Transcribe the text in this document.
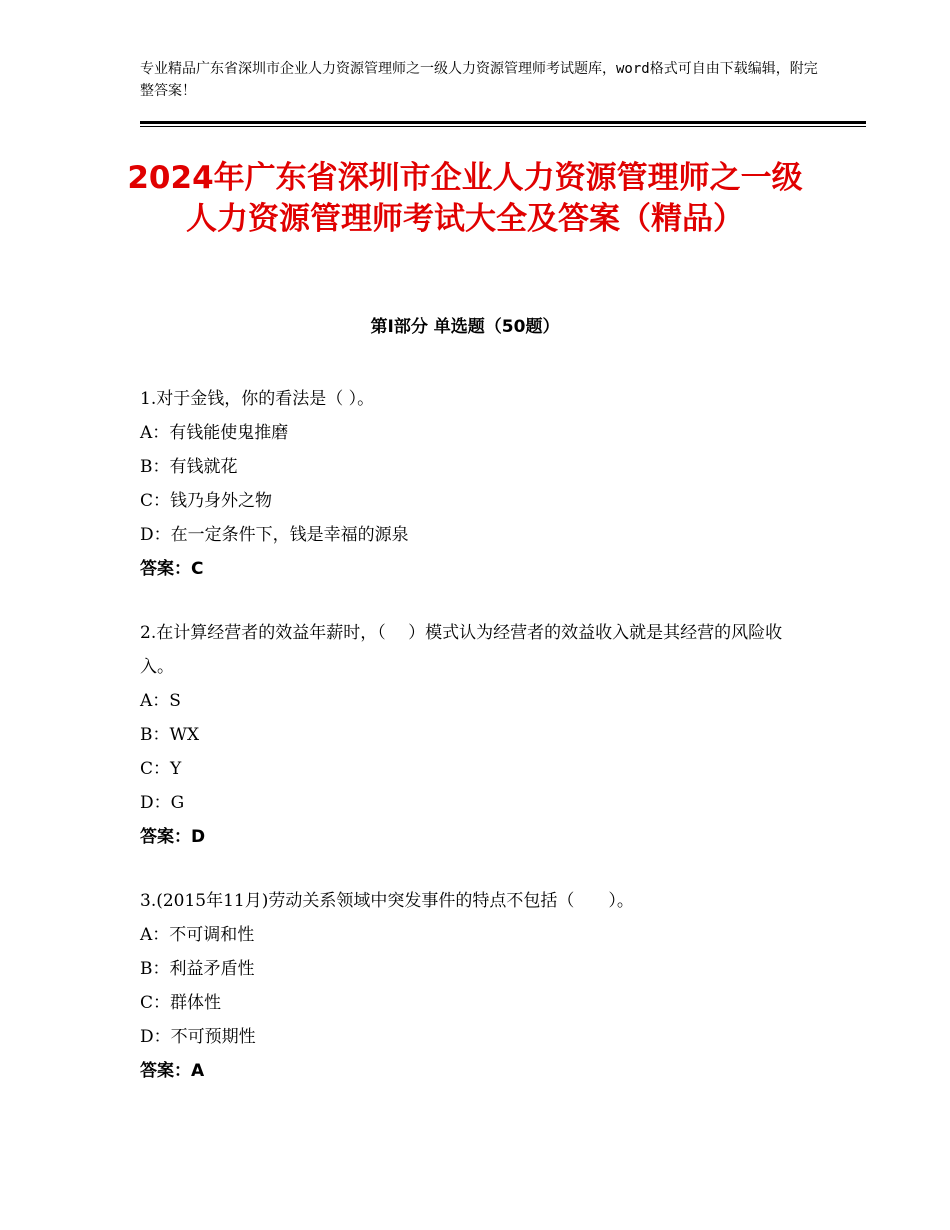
专业精品广东省深圳市企业人力资源管理师之一级人力资源管理师考试题库，word格式可自由下载编辑，附完整答案！
2024年广东省深圳市企业人力资源管理师之一级人力资源管理师考试大全及答案（精品）
第Ⅰ部分 单选题（50题）

1.对于金钱，你的看法是（ ）。

A：有钱能使鬼推磨

B：有钱就花

C：钱乃身外之物

D：在一定条件下，钱是幸福的源泉

答案：C

2.在计算经营者的效益年薪时，（　 ）模式认为经营者的效益收入就是其经营的风险收入。

A：S

B：WX

C：Y

D：G

答案：D

3.(2015年11月)劳动关系领域中突发事件的特点不包括（　　）。

A：不可调和性

B：利益矛盾性

C：群体性

D：不可预期性

答案：A
